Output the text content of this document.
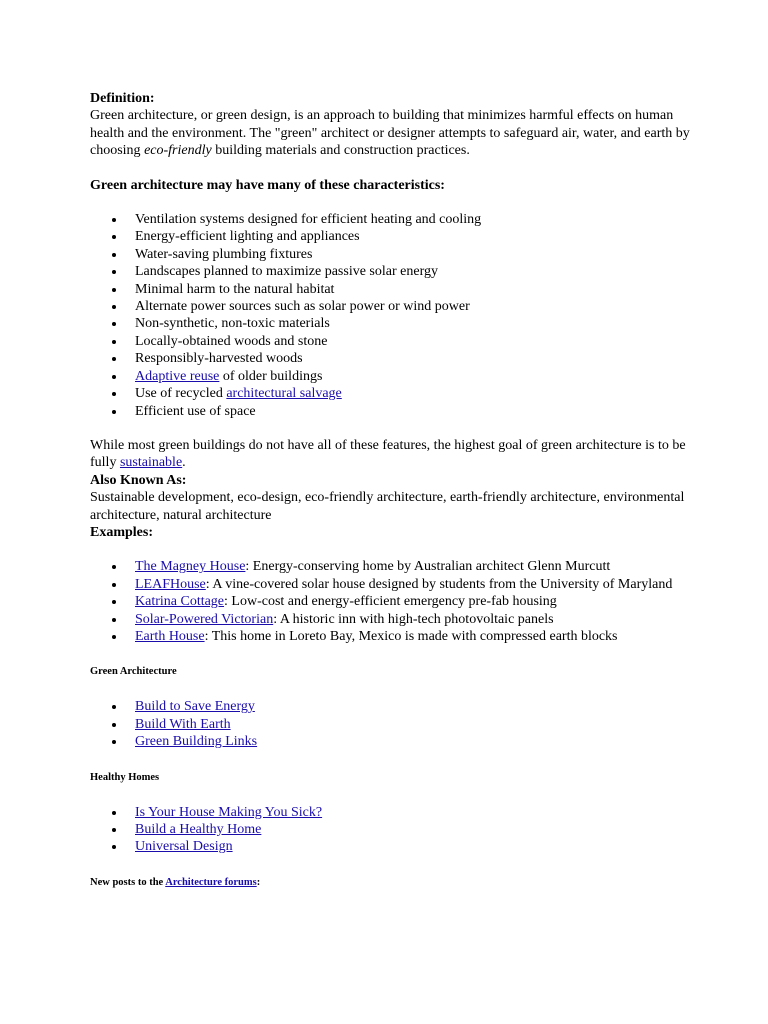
Definition:

Green architecture, or green design, is an approach to building that minimizes harmful effects on human health and the environment. The "green" architect or designer attempts to safeguard air, water, and earth by choosing eco-friendly building materials and construction practices.

Green architecture may have many of these characteristics:

Ventilation systems designed for efficient heating and cooling
Energy-efficient lighting and appliances
Water-saving plumbing fixtures
Landscapes planned to maximize passive solar energy
Minimal harm to the natural habitat
Alternate power sources such as solar power or wind power
Non-synthetic, non-toxic materials
Locally-obtained woods and stone
Responsibly-harvested woods
Adaptive reuse of older buildings
Use of recycled architectural salvage
Efficient use of space

While most green buildings do not have all of these features, the highest goal of green architecture is to be fully sustainable.

Also Known As:

Sustainable development, eco-design, eco-friendly architecture, earth-friendly architecture, environmental architecture, natural architecture

Examples:

The Magney House: Energy-conserving home by Australian architect Glenn Murcutt
LEAFHouse: A vine-covered solar house designed by students from the University of Maryland
Katrina Cottage: Low-cost and energy-efficient emergency pre-fab housing
Solar-Powered Victorian: A historic inn with high-tech photovoltaic panels
Earth House: This home in Loreto Bay, Mexico is made with compressed earth blocks

Green Architecture

Build to Save Energy
Build With Earth
Green Building Links

Healthy Homes

Is Your House Making You Sick?
Build a Healthy Home
Universal Design

New posts to the Architecture forums:
